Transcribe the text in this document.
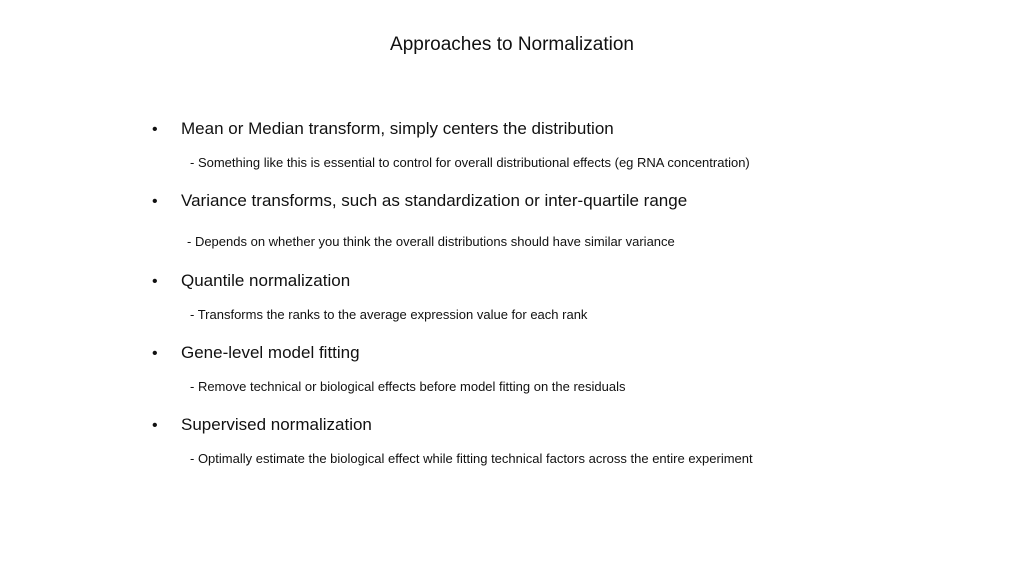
Approaches to Normalization
• Mean or Median transform, simply centers the distribution
- Something like this is essential to control for overall distributional effects (eg RNA concentration)
• Variance transforms, such as standardization or inter-quartile range
- Depends on whether you think the overall distributions should have similar variance
• Quantile normalization
- Transforms the ranks to the average expression value for each rank
• Gene-level model fitting
- Remove technical or biological effects before model fitting on the residuals
• Supervised normalization
- Optimally estimate the biological effect while fitting technical factors across the entire experiment
